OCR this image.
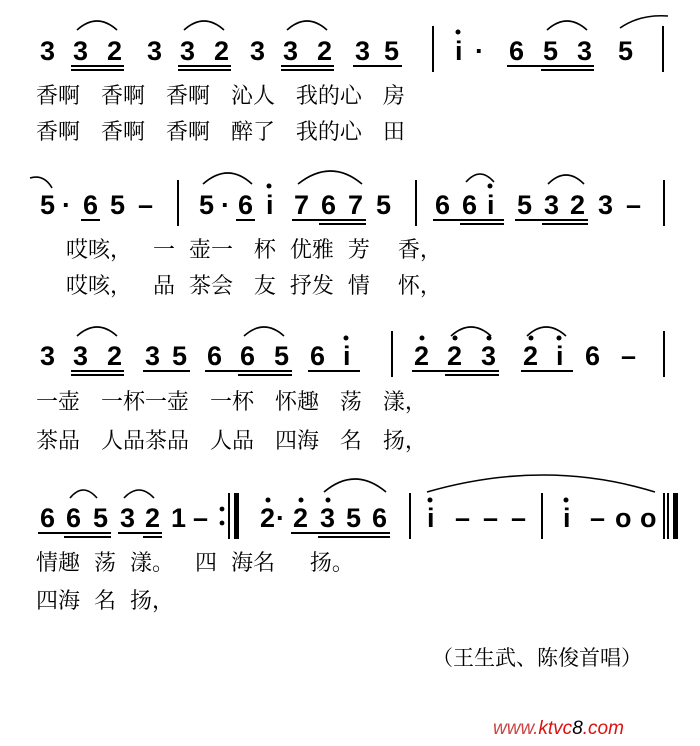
3 3 2 3 3 2 3 3 2 3 5 i · 6 5 3 5
5 · 6 5 – 5 · 6 i 7 6 7 5 6 6 i 5 3 2 3 –
3 3 2 3 5 6 6 5 6 i 2 2 3 2 i 6 –
6 6 5 3 2 1 – 2 · 2 3 5 6 i – – – i – o o
香啊   香啊   香啊   沁人   我的心   房
香啊   香啊   香啊   醉了   我的心   田
哎咳，   一  壶一   杯  优雅  芳    香，
哎咳，   品  茶会   友  抒发  情    怀，
一壶   一杯一壶   一杯   怀趣   荡   漾，
茶品   人品茶品   人品   四海   名   扬，
情趣  荡  漾。   四  海名     扬。
四海  名  扬，
（王生武、陈俊首唱）
www.ktvc8.com
